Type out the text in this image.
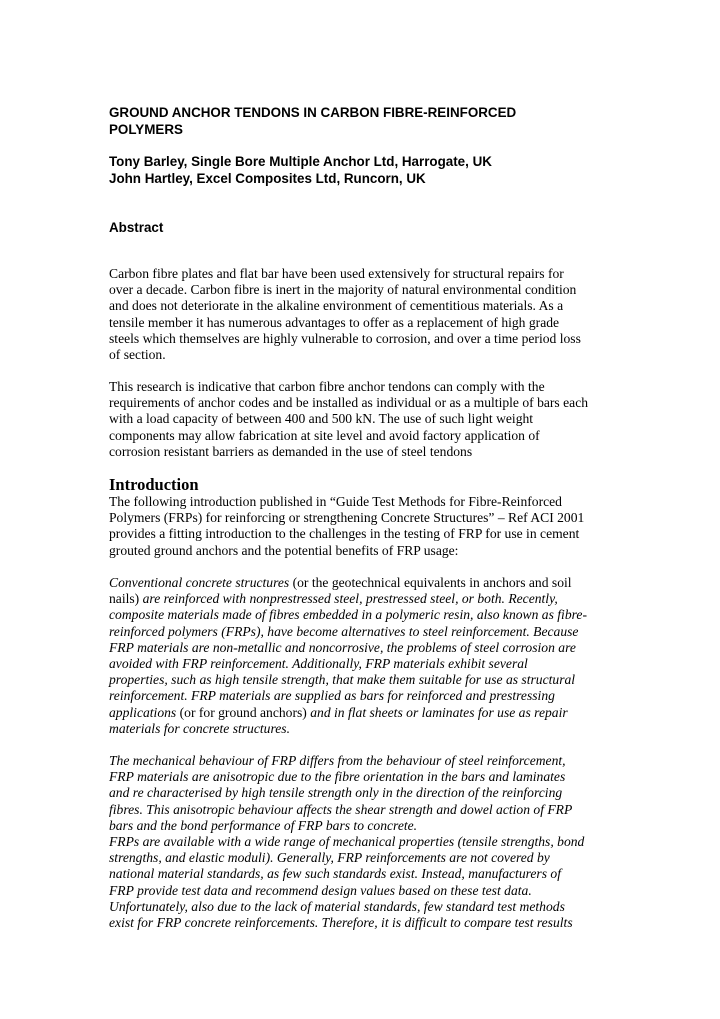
GROUND ANCHOR TENDONS IN CARBON FIBRE-REINFORCED
POLYMERS
Tony Barley, Single Bore Multiple Anchor Ltd, Harrogate, UK
John Hartley, Excel Composites Ltd, Runcorn, UK
Abstract
Carbon fibre plates and flat bar have been used extensively for structural repairs for
over a decade. Carbon fibre is inert in the majority of natural environmental condition
and does not deteriorate in the alkaline environment of cementitious materials. As a
tensile member it has numerous advantages to offer as a replacement of high grade
steels which themselves are highly vulnerable to corrosion, and over a time period loss
of section.
This research is indicative that carbon fibre anchor tendons can comply with the
requirements of anchor codes and be installed as individual or as a multiple of bars each
with a load capacity of between 400 and 500 kN. The use of such light weight
components may allow fabrication at site level and avoid factory application of
corrosion resistant barriers as demanded in the use of steel tendons
Introduction
The following introduction published in “Guide Test Methods for Fibre-Reinforced
Polymers (FRPs) for reinforcing or strengthening Concrete Structures” – Ref ACI 2001
provides a fitting introduction to the challenges in the testing of FRP for use in cement
grouted ground anchors and the potential benefits of FRP usage:
Conventional concrete structures (or the geotechnical equivalents in anchors and soil
nails) are reinforced with nonprestressed steel, prestressed steel, or both. Recently,
composite materials made of fibres embedded in a polymeric resin, also known as fibre-
reinforced polymers (FRPs), have become alternatives to steel reinforcement. Because
FRP materials are non-metallic and noncorrosive, the problems of steel corrosion are
avoided with FRP reinforcement. Additionally, FRP materials exhibit several
properties, such as high tensile strength, that make them suitable for use as structural
reinforcement. FRP materials are supplied as bars for reinforced and prestressing
applications (or for ground anchors) and in flat sheets or laminates for use as repair
materials for concrete structures.
The mechanical behaviour of FRP differs from the behaviour of steel reinforcement,
FRP materials are anisotropic due to the fibre orientation in the bars and laminates
and re characterised by high tensile strength only in the direction of the reinforcing
fibres. This anisotropic behaviour affects the shear strength and dowel action of FRP
bars and the bond performance of FRP bars to concrete.
FRPs are available with a wide range of mechanical properties (tensile strengths, bond
strengths, and elastic moduli). Generally, FRP reinforcements are not covered by
national material standards, as few such standards exist. Instead, manufacturers of
FRP provide test data and recommend design values based on these test data.
Unfortunately, also due to the lack of material standards, few standard test methods
exist for FRP concrete reinforcements. Therefore, it is difficult to compare test results
